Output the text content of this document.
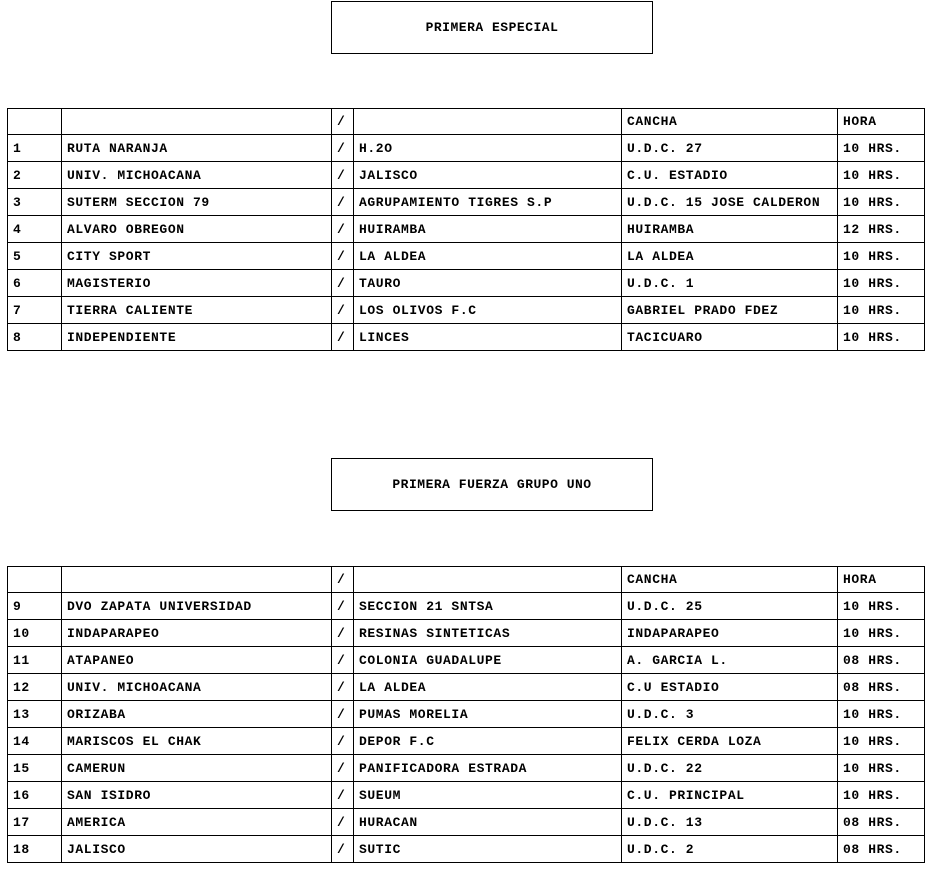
PRIMERA ESPECIAL
		/		CANCHA	HORA
1	RUTA NARANJA	/	H.2O	U.D.C. 27	10 HRS.
2	UNIV. MICHOACANA	/	JALISCO	C.U. ESTADIO	10 HRS.
3	SUTERM SECCION 79	/	AGRUPAMIENTO TIGRES S.P	U.D.C. 15 JOSE CALDERON	10 HRS.
4	ALVARO OBREGON	/	HUIRAMBA	HUIRAMBA	12 HRS.
5	CITY SPORT	/	LA ALDEA	LA ALDEA	10 HRS.
6	MAGISTERIO	/	TAURO	U.D.C. 1	10 HRS.
7	TIERRA CALIENTE	/	LOS OLIVOS F.C	GABRIEL PRADO FDEZ	10 HRS.
8	INDEPENDIENTE	/	LINCES	TACICUARO	10 HRS.
PRIMERA FUERZA GRUPO UNO
		/		CANCHA	HORA
9	DVO ZAPATA UNIVERSIDAD	/	SECCION 21 SNTSA	U.D.C. 25	10 HRS.
10	INDAPARAPEO	/	RESINAS SINTETICAS	INDAPARAPEO	10 HRS.
11	ATAPANEO	/	COLONIA GUADALUPE	A. GARCIA L.	08 HRS.
12	UNIV. MICHOACANA	/	LA ALDEA	C.U ESTADIO	08 HRS.
13	ORIZABA	/	PUMAS MORELIA	U.D.C. 3	10 HRS.
14	MARISCOS EL CHAK	/	DEPOR F.C	FELIX CERDA LOZA	10 HRS.
15	CAMERUN	/	PANIFICADORA ESTRADA	U.D.C. 22	10 HRS.
16	SAN ISIDRO	/	SUEUM	C.U. PRINCIPAL	10 HRS.
17	AMERICA	/	HURACAN	U.D.C. 13	08 HRS.
18	JALISCO	/	SUTIC	U.D.C. 2	08 HRS.
